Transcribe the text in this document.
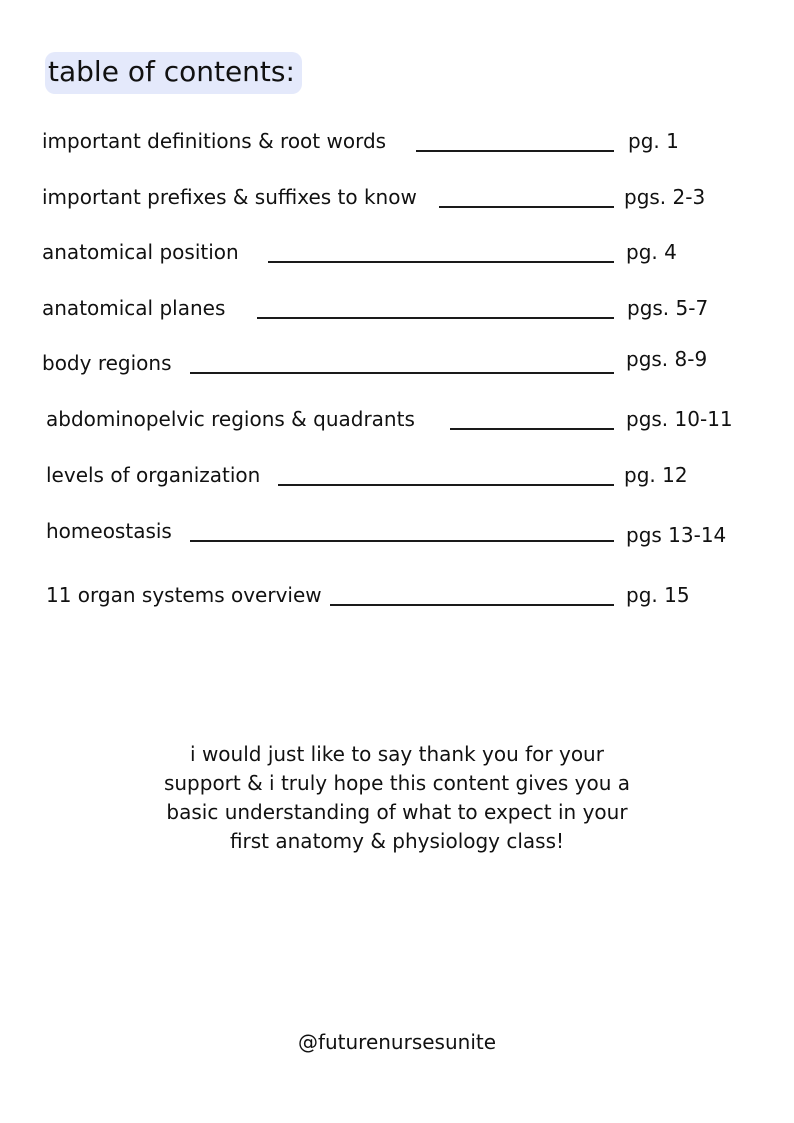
table of contents:
important definitions & root words	pg. 1
important prefixes & suffixes to know	pgs. 2-3
anatomical position	pg. 4
anatomical planes	pgs. 5-7
body regions	pgs. 8-9
abdominopelvic regions & quadrants	pgs. 10-11
levels of organization	pg. 12
homeostasis	pgs 13-14
11 organ systems overview	pg. 15
i would just like to say thank you for your support & i truly hope this content gives you a basic understanding of what to expect in your first anatomy & physiology class!
@futurenursesunite
